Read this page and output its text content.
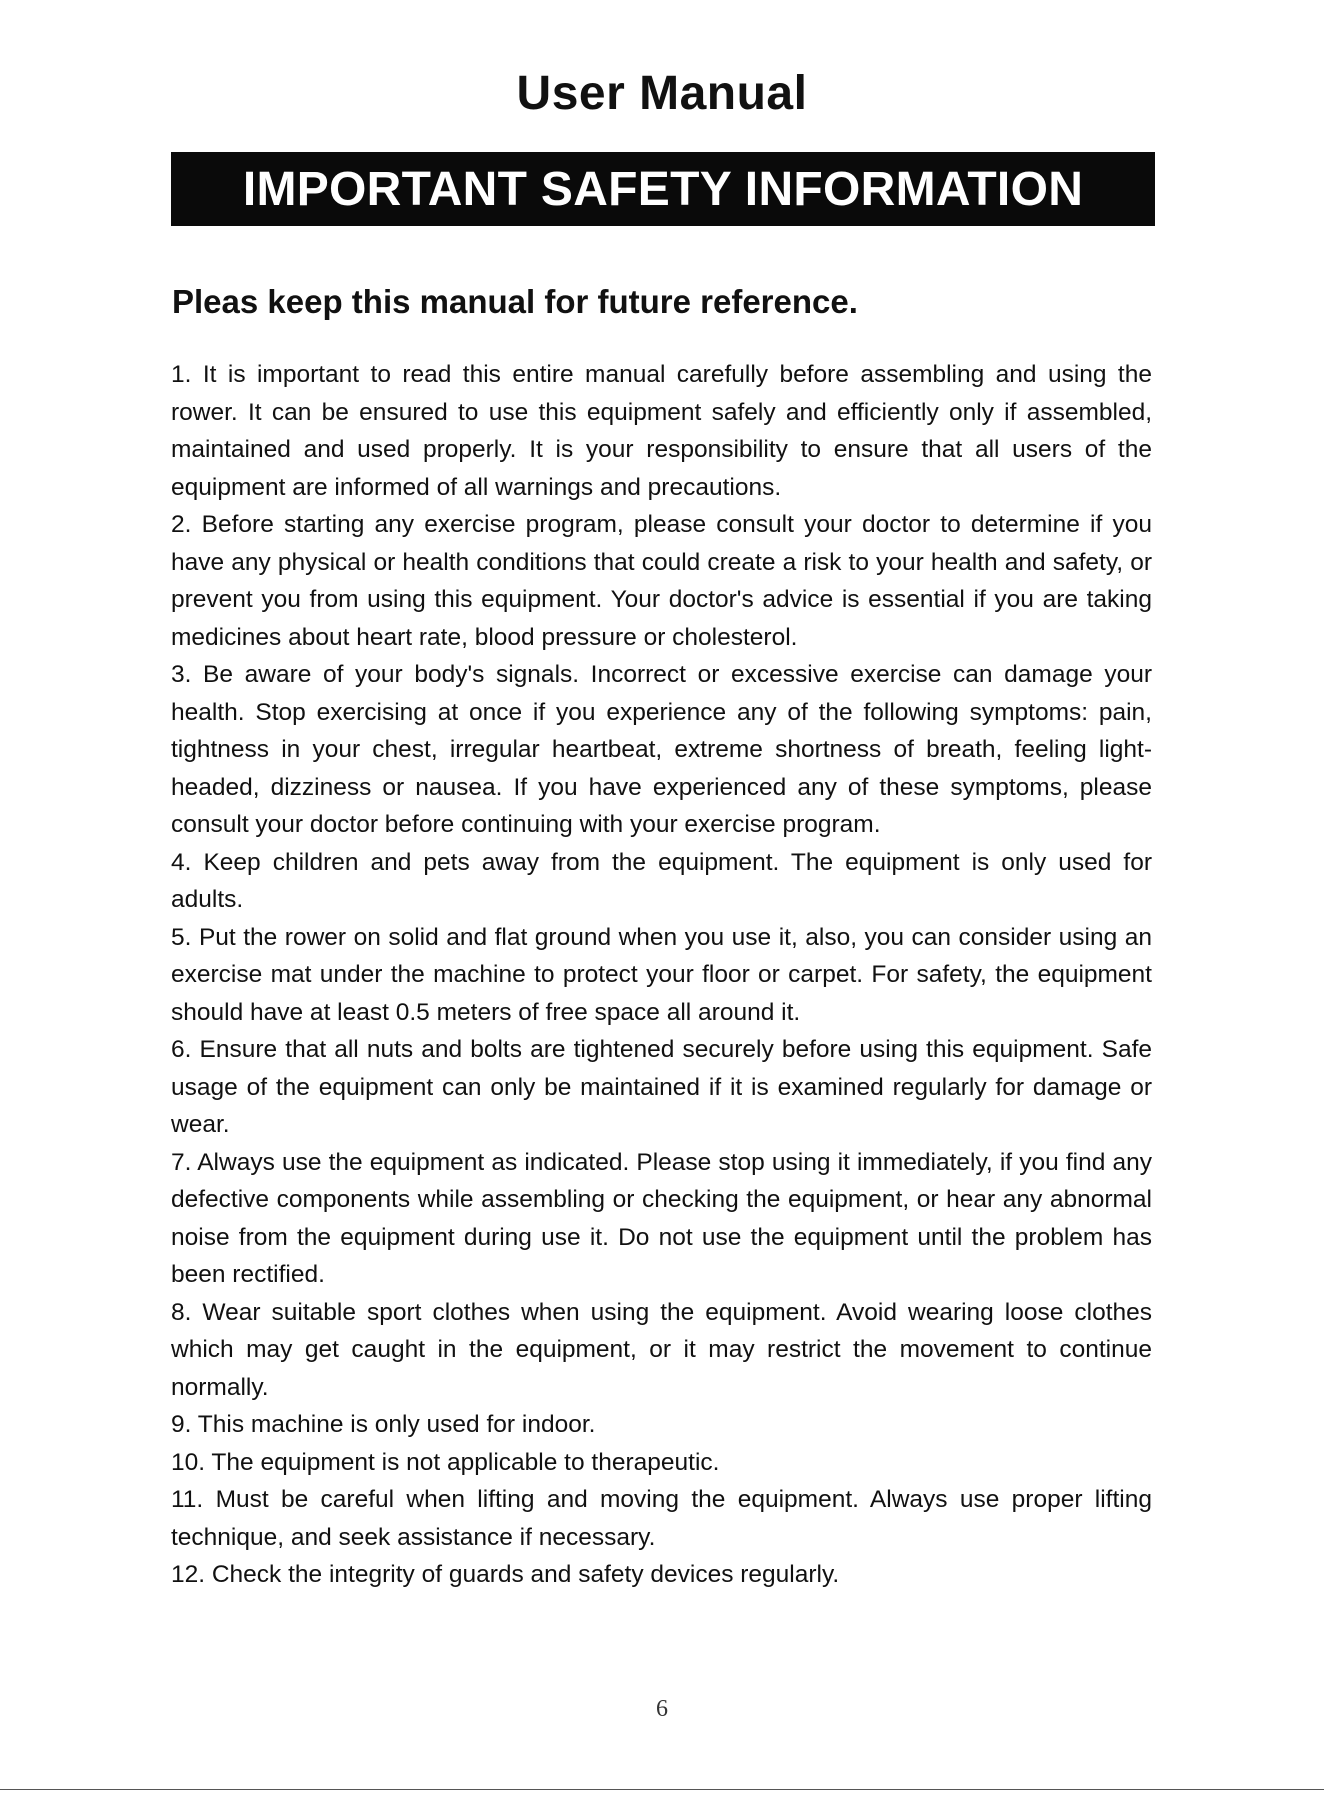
User Manual
IMPORTANT SAFETY INFORMATION
Pleas keep this manual for future reference.

1. It is important to read this entire manual carefully before assembling and using the rower. It can be ensured to use this equipment safely and efficiently only if assembled, maintained and used properly. It is your responsibility to ensure that all users of the equipment are informed of all warnings and precautions.

2. Before starting any exercise program, please consult your doctor to determine if you have any physical or health conditions that could create a risk to your health and safety, or prevent you from using this equipment. Your doctor's advice is essential if you are taking medicines about heart rate, blood pressure or cholesterol.

3. Be aware of your body's signals. Incorrect or excessive exercise can damage your health. Stop exercising at once if you experience any of the following symptoms: pain, tightness in your chest, irregular heartbeat, extreme shortness of breath, feeling light-headed, dizziness or nausea. If you have experienced any of these symptoms, please consult your doctor before continuing with your exercise program.

4. Keep children and pets away from the equipment. The equipment is only used for adults.

5. Put the rower on solid and flat ground when you use it, also, you can consider using an exercise mat under the machine to protect your floor or carpet. For safety, the equipment should have at least 0.5 meters of free space all around it.

6. Ensure that all nuts and bolts are tightened securely before using this equipment. Safe usage of the equipment can only be maintained if it is examined regularly for damage or wear.

7. Always use the equipment as indicated. Please stop using it immediately, if you find any defective components while assembling or checking the equipment, or hear any abnormal noise from the equipment during use it. Do not use the equipment until the problem has been rectified.

8. Wear suitable sport clothes when using the equipment. Avoid wearing loose clothes which may get caught in the equipment, or it may restrict the movement to continue normally.

9. This machine is only used for indoor.

10. The equipment is not applicable to therapeutic.

11. Must be careful when lifting and moving the equipment. Always use proper lifting technique, and seek assistance if necessary.

12. Check the integrity of guards and safety devices regularly.

6
